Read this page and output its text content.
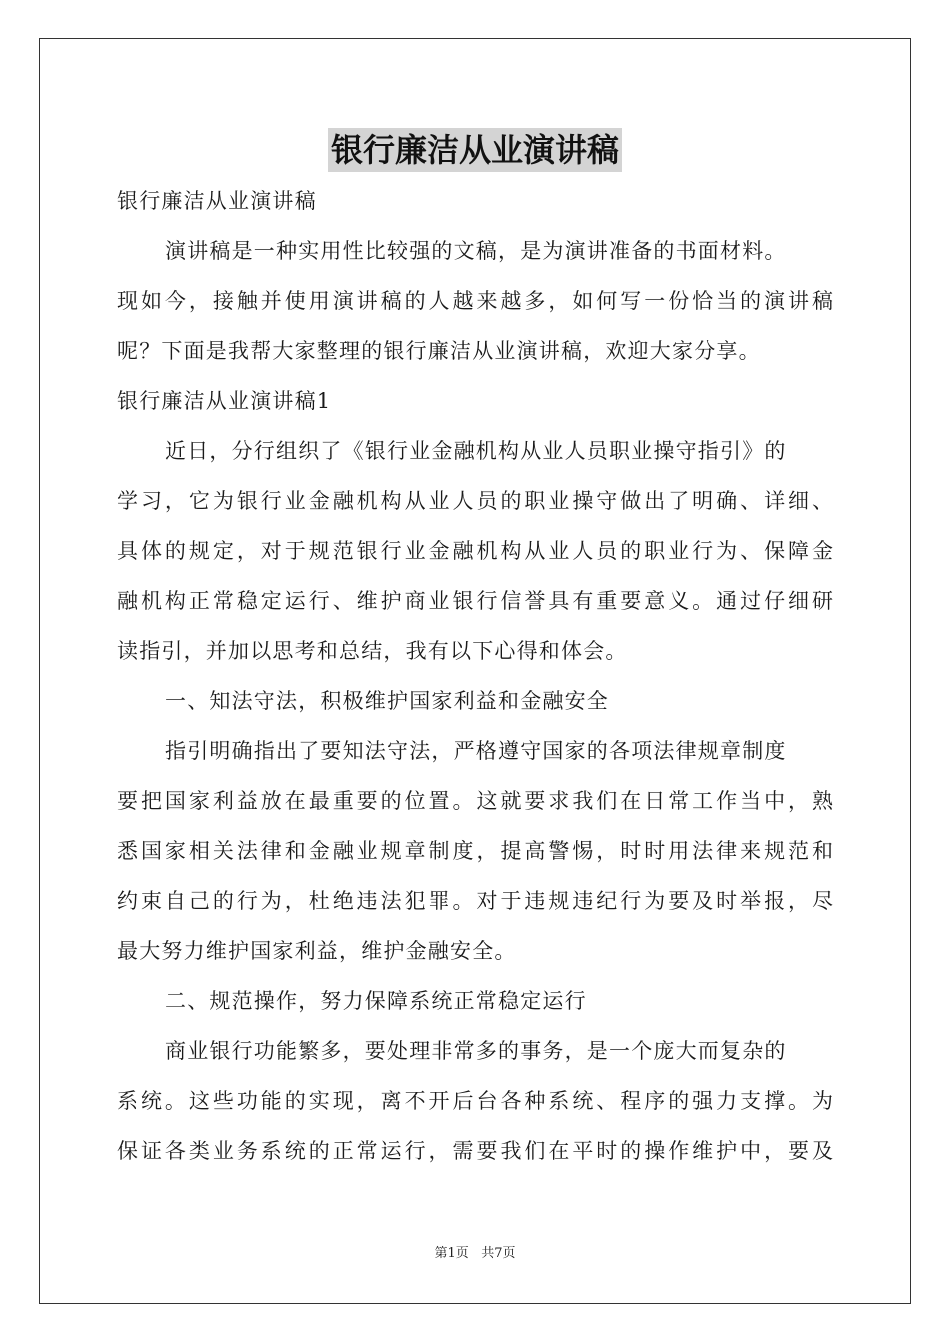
银行廉洁从业演讲稿
银行廉洁从业演讲稿
演讲稿是一种实用性比较强的文稿，是为演讲准备的书面材料。
现如今，接触并使用演讲稿的人越来越多，如何写一份恰当的演讲稿
呢？下面是我帮大家整理的银行廉洁从业演讲稿，欢迎大家分享。
银行廉洁从业演讲稿1
近日，分行组织了《银行业金融机构从业人员职业操守指引》的
学习，它为银行业金融机构从业人员的职业操守做出了明确、详细、
具体的规定，对于规范银行业金融机构从业人员的职业行为、保障金
融机构正常稳定运行、维护商业银行信誉具有重要意义。通过仔细研
读指引，并加以思考和总结，我有以下心得和体会。
一、知法守法，积极维护国家利益和金融安全
指引明确指出了要知法守法，严格遵守国家的各项法律规章制度
要把国家利益放在最重要的位置。这就要求我们在日常工作当中，熟
悉国家相关法律和金融业规章制度，提高警惕，时时用法律来规范和
约束自己的行为，杜绝违法犯罪。对于违规违纪行为要及时举报，尽
最大努力维护国家利益，维护金融安全。
二、规范操作，努力保障系统正常稳定运行
商业银行功能繁多，要处理非常多的事务，是一个庞大而复杂的
系统。这些功能的实现，离不开后台各种系统、程序的强力支撑。为
保证各类业务系统的正常运行，需要我们在平时的操作维护中，要及
第1页 共7页
